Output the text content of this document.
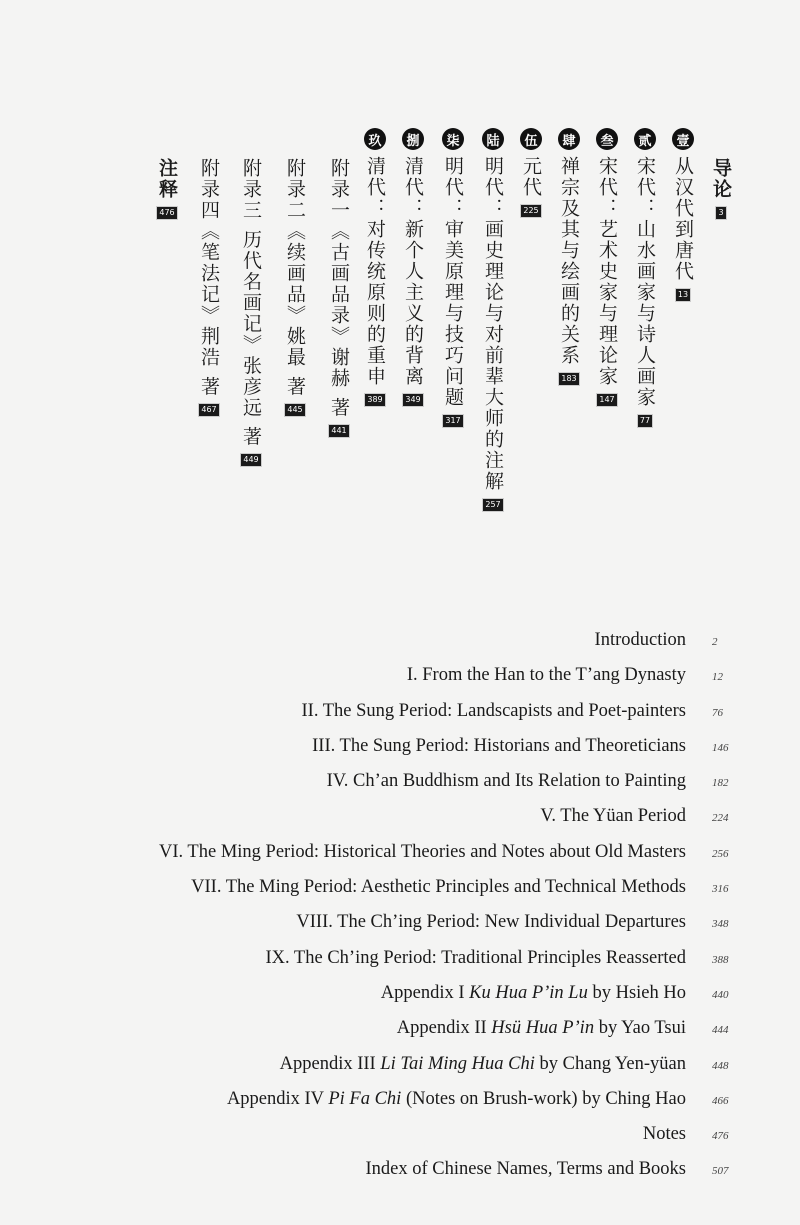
导论
3
壹
从汉代到唐代
13
贰
宋代：山水画家与诗人画家
77
叁
宋代：艺术史家与理论家
147
肆
禅宗及其与绘画的关系
183
伍
元代
225
陆
明代：画史理论与对前辈大师的注解
257
柒
明代：审美原理与技巧问题
317
捌
清代：新个人主义的背离
349
玖
清代：对传统原则的重申
389
附录一《古画品录》谢赫 著
441
附录二《续画品》姚最 著
445
附录三 历代名画记》张彦远 著
449
附录四《笔法记》荆浩 著
467
注释
476
Introduction 2
I. From the Han to the T’ang Dynasty 12
II. The Sung Period: Landscapists and Poet-painters 76
III. The Sung Period: Historians and Theoreticians 146
IV. Ch’an Buddhism and Its Relation to Painting 182
V. The Yüan Period 224
VI. The Ming Period: Historical Theories and Notes about Old Masters 256
VII. The Ming Period: Aesthetic Principles and Technical Methods 316
VIII. The Ch’ing Period: New Individual Departures 348
IX. The Ch’ing Period: Traditional Principles Reasserted 388
Appendix I Ku Hua P’in Lu by Hsieh Ho 440
Appendix II Hsü Hua P’in by Yao Tsui 444
Appendix III Li Tai Ming Hua Chi by Chang Yen-yüan 448
Appendix IV Pi Fa Chi (Notes on Brush-work) by Ching Hao 466
Notes 476
Index of Chinese Names, Terms and Books 507
